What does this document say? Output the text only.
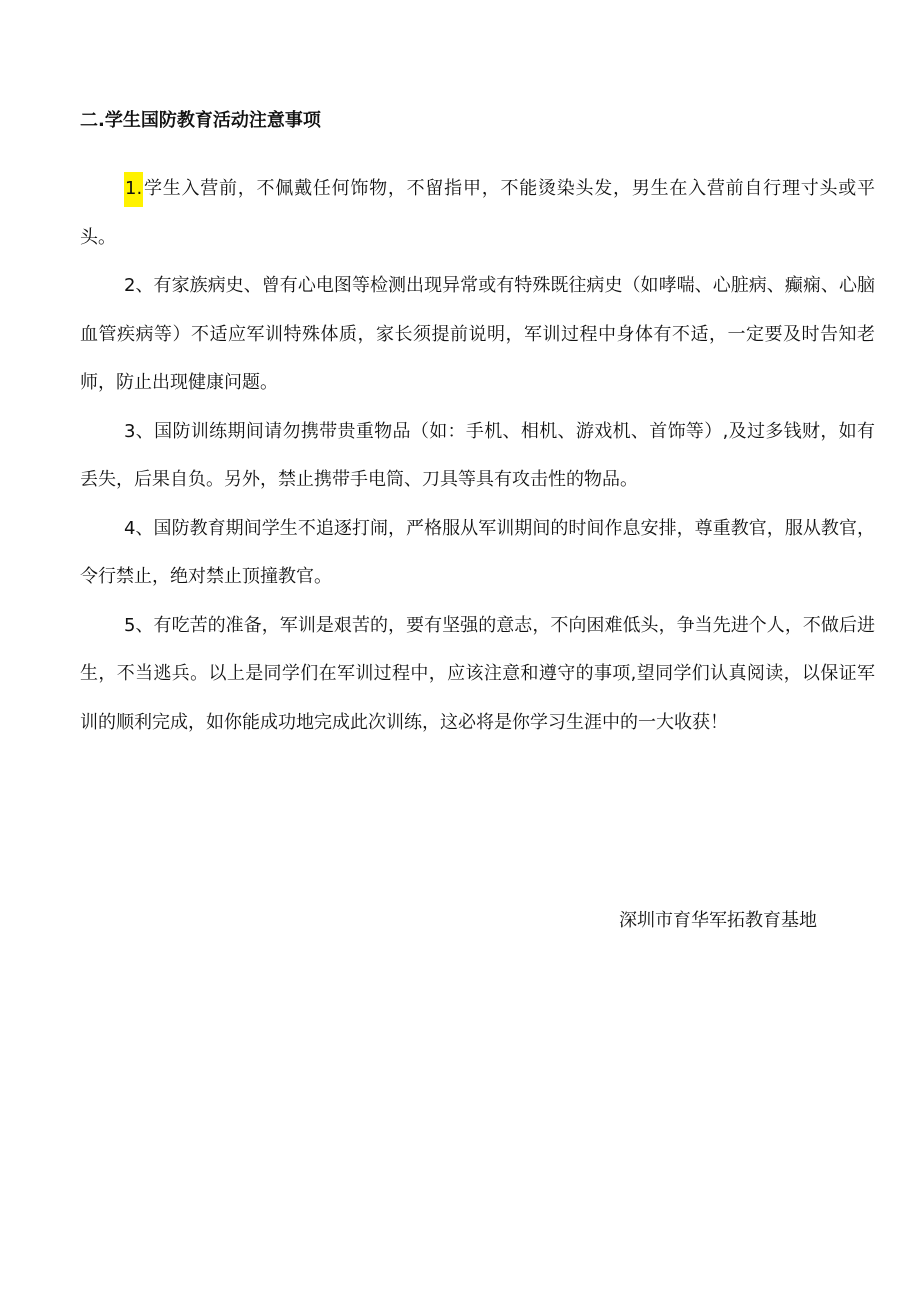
二.学生国防教育活动注意事项

1.学生入营前，不佩戴任何饰物，不留指甲，不能烫染头发，男生在入营前自行理寸头或平头。

2、有家族病史、曾有心电图等检测出现异常或有特殊既往病史（如哮喘、心脏病、癫痫、心脑血管疾病等）不适应军训特殊体质，家长须提前说明，军训过程中身体有不适，一定要及时告知老师，防止出现健康问题。

3、国防训练期间请勿携带贵重物品（如：手机、相机、游戏机、首饰等）,及过多钱财，如有丢失，后果自负。另外，禁止携带手电筒、刀具等具有攻击性的物品。

4、国防教育期间学生不追逐打闹，严格服从军训期间的时间作息安排，尊重教官，服从教官，令行禁止，绝对禁止顶撞教官。

5、有吃苦的准备，军训是艰苦的，要有坚强的意志，不向困难低头，争当先进个人，不做后进生，不当逃兵。以上是同学们在军训过程中，应该注意和遵守的事项,望同学们认真阅读，以保证军训的顺利完成，如你能成功地完成此次训练，这必将是你学习生涯中的一大收获！

深圳市育华军拓教育基地
